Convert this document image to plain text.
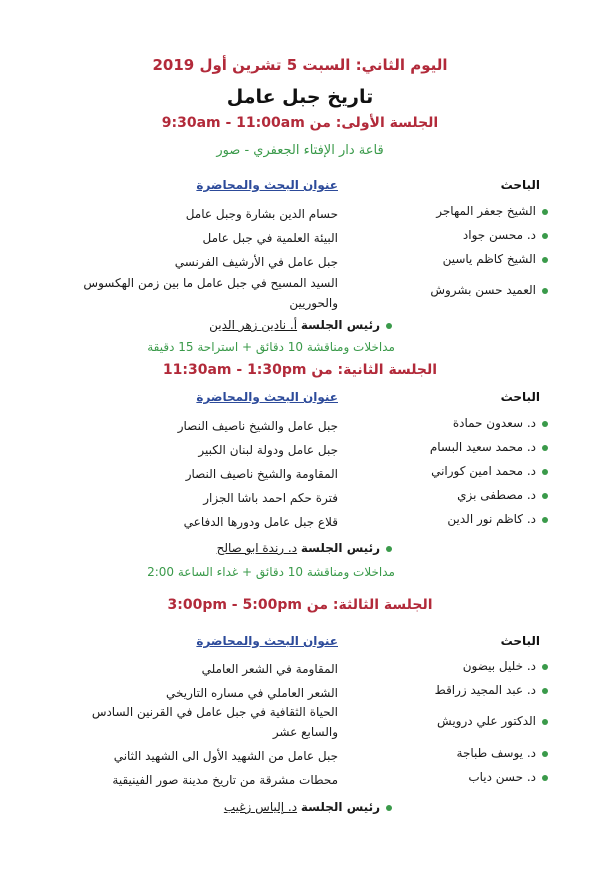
اليوم الثاني: السبت 5 تشرين أول 2019
تاريخ جبل عامل
الجلسة الأولى: من 9:30am - 11:00am
قاعة دار الإفتاء الجعفري - صور
الباحث
عنوان البحث والمحاضرة
الشيخ جعفر المهاجر
حسام الدين بشارة وجبل عامل
د. محسن جواد
البيئة العلمية في جبل عامل
الشيخ كاظم ياسين
جبل عامل في الأرشيف الفرنسي
العميد حسن بشروش
السيد المسيح في جبل عامل ما بين زمن الهكسوس والحوريين
رئيس الجلسة أ. نادين زهر الدين
مداخلات ومناقشة 10 دقائق + استراحة 15 دقيقة
الجلسة الثانية: من 11:30am - 1:30pm
الباحث
عنوان البحث والمحاضرة
د. سعدون حمادة
جبل عامل والشيخ ناصيف النصار
د. محمد سعيد البسام
جبل عامل ودولة لبنان الكبير
د. محمد امين كوراني
المقاومة والشيخ ناصيف النصار
د. مصطفى بزي
فترة حكم احمد باشا الجزار
د. كاظم نور الدين
قلاع جبل عامل ودورها الدفاعي
رئيس الجلسة د. رندة ابو صالح
مداخلات ومناقشة 10 دقائق + غداء الساعة 2:00
الجلسة الثالثة: من 3:00pm - 5:00pm
الباحث
عنوان البحث والمحاضرة
د. خليل بيضون
المقاومة في الشعر العاملي
د. عبد المجيد زراقط
الشعر العاملي في مساره التاريخي
الدكتور علي درويش
الحياة الثقافية في جبل عامل في القرنين السادس والسابع عشر
د. يوسف طباجة
جبل عامل من الشهيد الأول الى الشهيد الثاني
د. حسن دياب
محطات مشرقة من تاريخ مدينة صور الفينيقية
رئيس الجلسة د. إلياس زغيب
